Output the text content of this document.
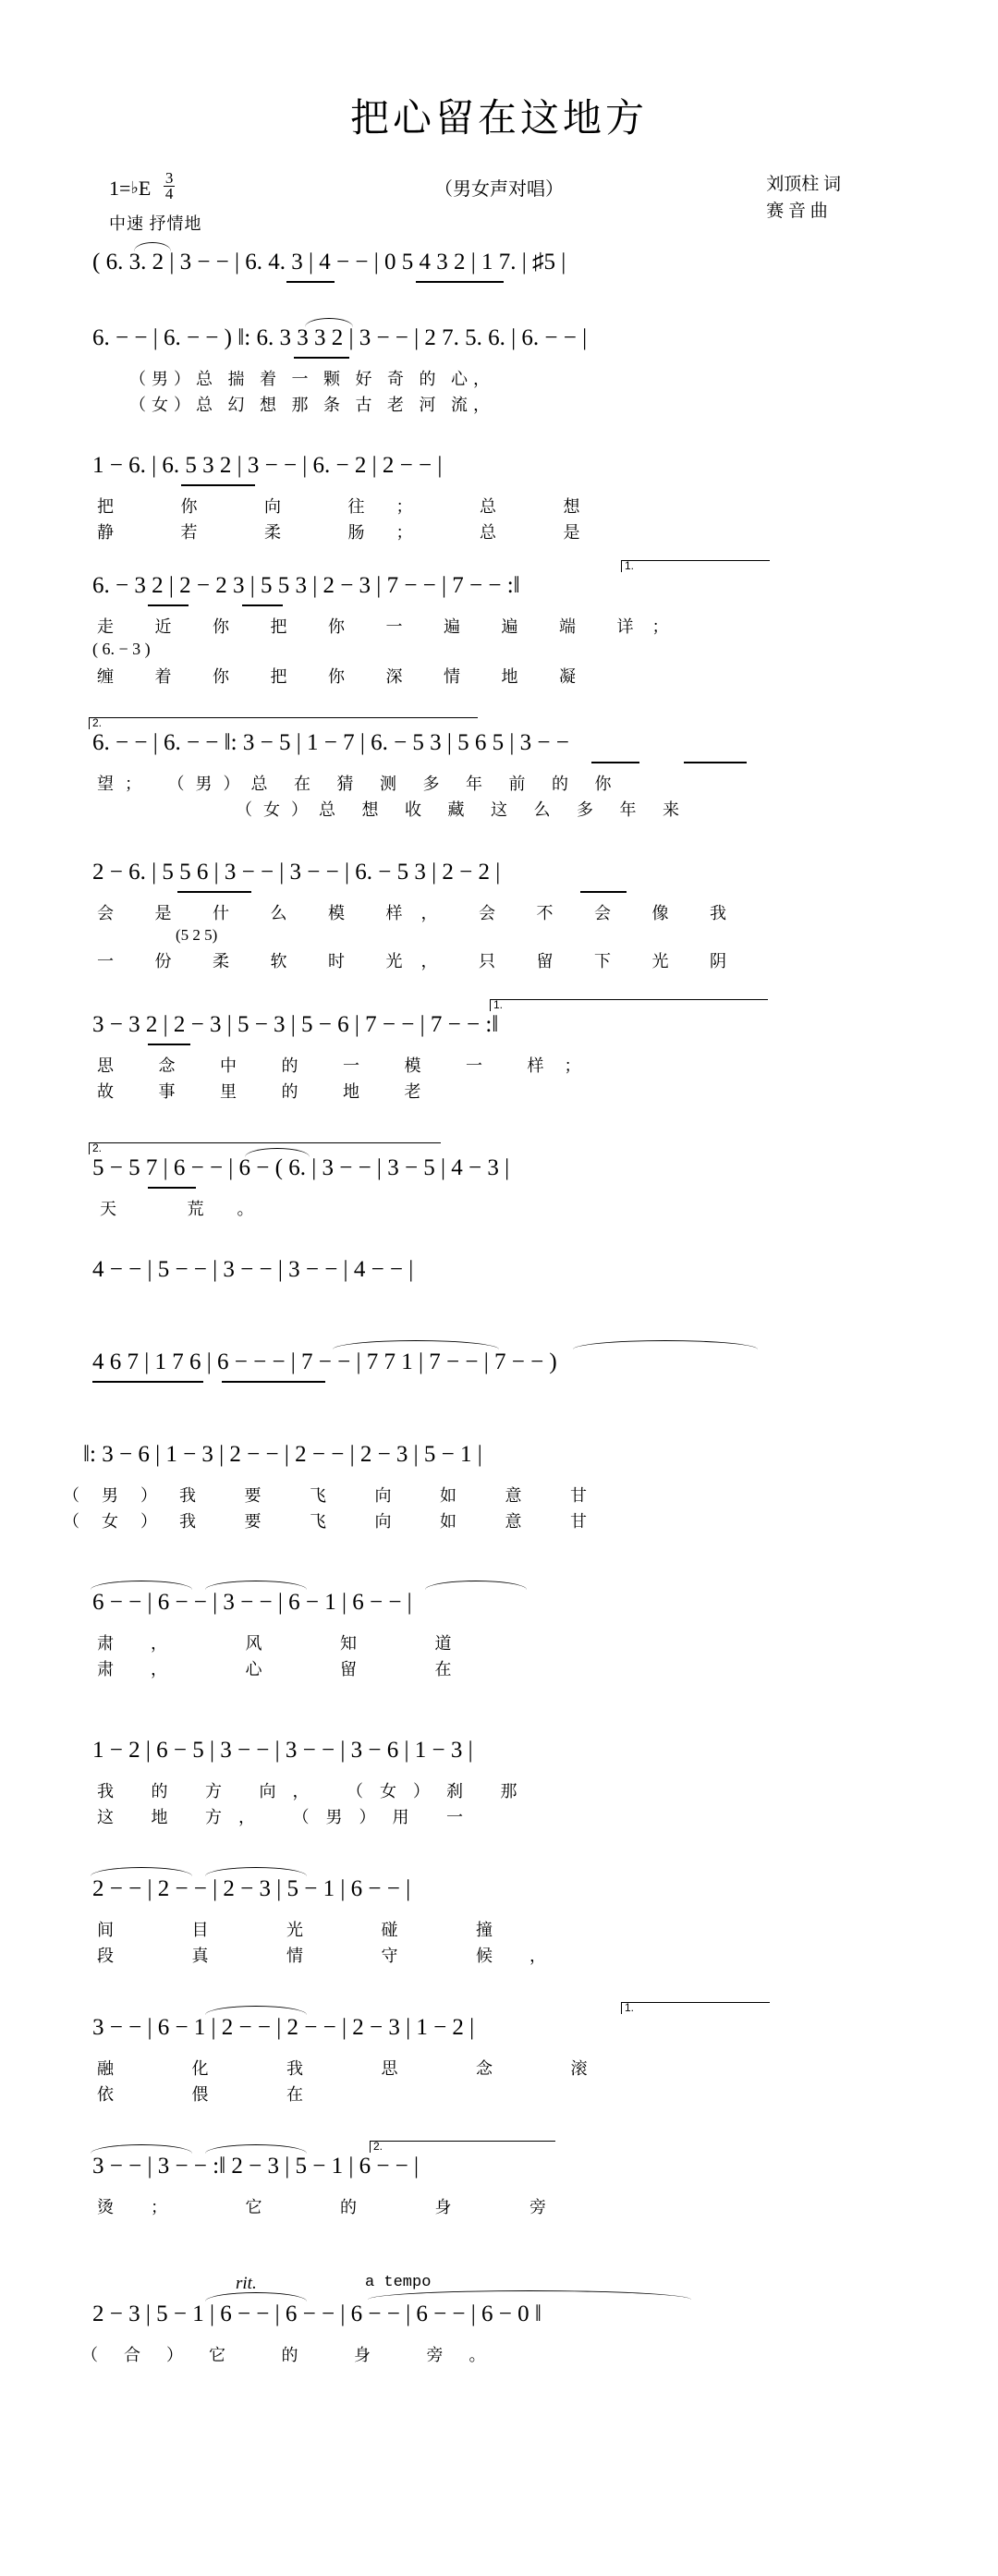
把心留在这地方
1=♭E $\frac{3}{4}$
中速 抒情地
（男女声对唱）	刘顶柱 词
赛 音 曲
( 6. 3. 2 | 3 − − | 6. 4. 3 | 4 − − | 0 5 4 3 2 | 1 7. | ♯5 |
6. − − | 6. − − ) ‖: 6. 3 3 3 2 | 3 − − | 2 7. 5. 6. | 6. − − |
（男）总 揣 着 一 颗 好 奇 的 心，
（女）总 幻 想 那 条 古 老 河 流，
1 − 6. | 6. 5 3 2 | 3 − − | 6. − 2 | 2 − − |
把 你 向 往； 总 想
静 若 柔 肠； 总 是
6. − 3 2 | 2 − 2 3 | 5 5 3 | 2 − 3 | 7 − − | 7 − − :‖
1.
走 近 你 把 你 一 遍 遍 端 详；
( 6. − 3 )
缠 着 你 把 你 深 情 地 凝
2.
6. − − | 6. − − ‖: 3 − 5 | 1 − 7 | 6. − 5 3 | 5 6 5 | 3 − −
望； （男）总 在 猜 测 多 年 前 的 你
（女）总 想 收 藏 这 么 多 年 来
2 − 6. | 5 5 6 | 3 − − | 3 − − | 6. − 5 3 | 2 − 2 |
会 是 什 么 模 样， 会 不 会 像 我
(5 2 5)
一 份 柔 软 时 光， 只 留 下 光 阴
3 − 3 2 | 2 − 3 | 5 − 3 | 5 − 6 | 7 − − | 7 − − :‖
1.
思 念 中 的 一 模 一 样；
故 事 里 的 地 老
2.
5 − 5 7 | 6 − − | 6 − ( 6. | 3 − − | 3 − 5 | 4 − 3 |
天 荒。
4 − − | 5 − − | 3 − − | 3 − − | 4 − − |
4 6 7 | 1 7 6 | 6 − − − | 7 − − | 7 7 1 | 7 − − | 7 − − )
‖: 3 − 6 | 1 − 3 | 2 − − | 2 − − | 2 − 3 | 5 − 1 |
（男）我 要 飞 向 如 意 甘
（女）我 要 飞 向 如 意 甘
6 − − | 6 − − | 3 − − | 6 − 1 | 6 − − |
肃， 风 知 道
肃， 心 留 在
1 − 2 | 6 − 5 | 3 − − | 3 − − | 3 − 6 | 1 − 3 |
我 的 方 向， （女）刹 那
这 地 方， （男）用 一
2 − − | 2 − − | 2 − 3 | 5 − 1 | 6 − − |
间 目 光 碰 撞
段 真 情 守 候，
3 − − | 6 − 1 | 2 − − | 2 − − | 2 − 3 | 1 − 2 |
1.
融 化 我 思 念 滚
依 偎 在
2.
3 − − | 3 − − :‖ 2 − 3 | 5 − 1 | 6 − − |
烫； 它 的 身 旁
rit.	a tempo
2 − 3 | 5 − 1 | 6 − − | 6 − − | 6 − − | 6 − − | 6 − 0 ‖
（合）它 的 身 旁。
